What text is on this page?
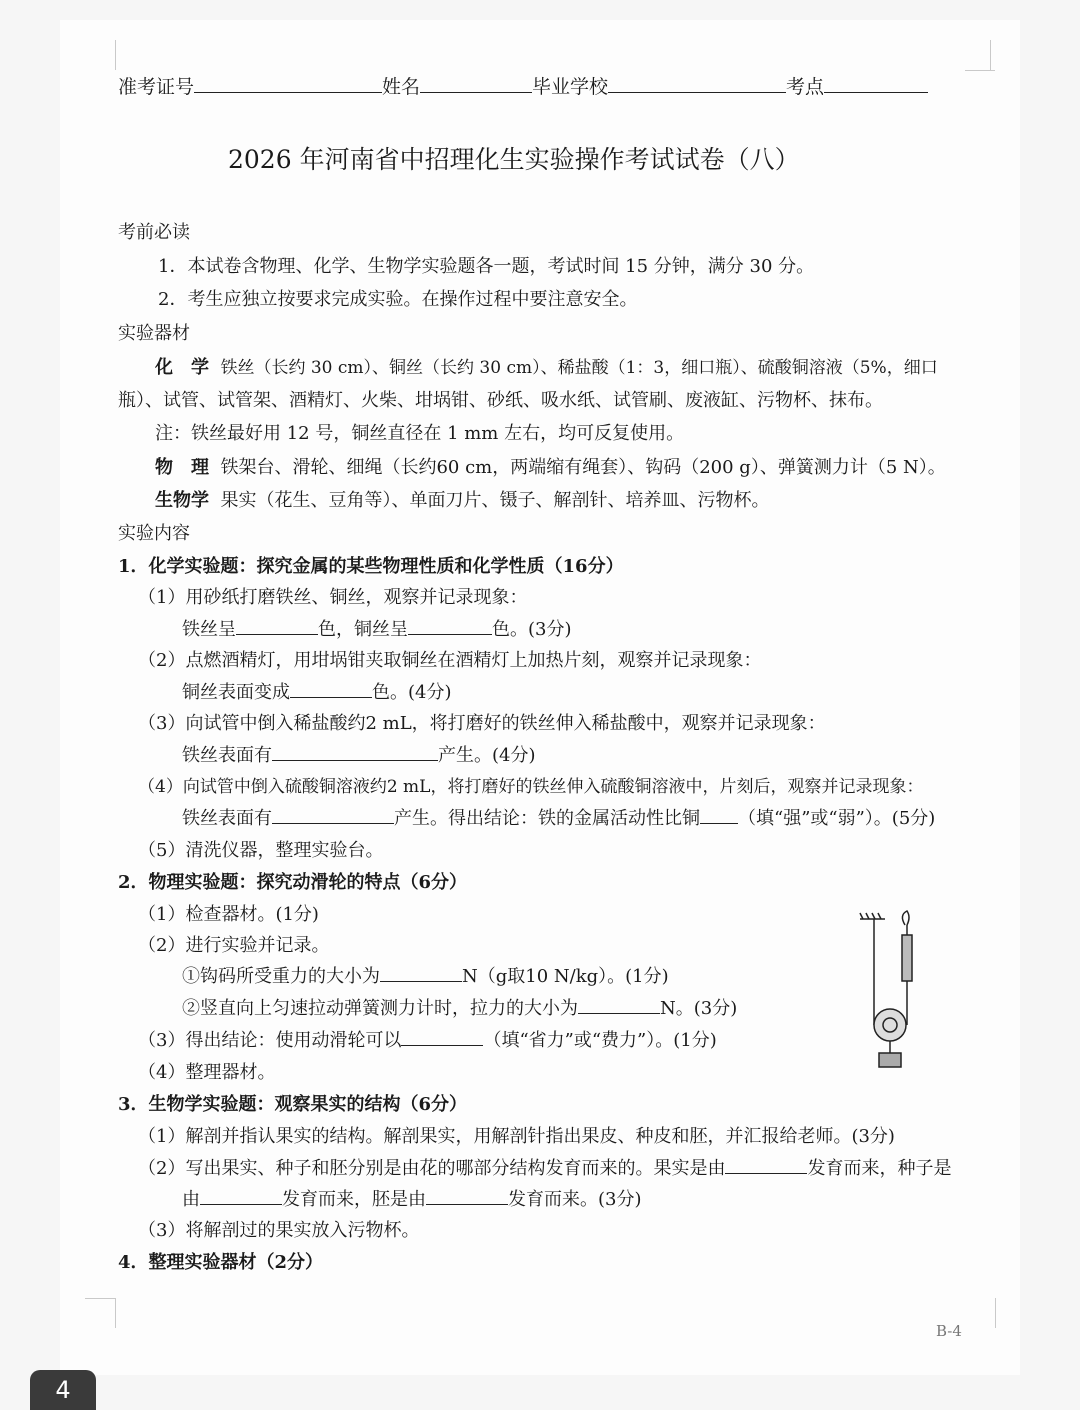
准考证号	姓名	毕业学校	考点
2026 年河南省中招理化生实验操作考试试卷（八）
考前必读
1．本试卷含物理、化学、生物学实验题各一题，考试时间 15 分钟，满分 30 分。
2．考生应独立按要求完成实验。在操作过程中要注意安全。
实验器材
化　学 铁丝（长约 30 cm）、铜丝（长约 30 cm）、稀盐酸（1：3，细口瓶）、硫酸铜溶液（5%，细口
瓶）、试管、试管架、酒精灯、火柴、坩埚钳、砂纸、吸水纸、试管刷、废液缸、污物杯、抹布。
注：铁丝最好用 12 号，铜丝直径在 1 mm 左右，均可反复使用。
物　理 铁架台、滑轮、细绳（长约60 cm，两端缩有绳套）、钩码（200 g）、弹簧测力计（5 N）。
生物学 果实（花生、豆角等）、单面刀片、镊子、解剖针、培养皿、污物杯。
实验内容
1．化学实验题：探究金属的某些物理性质和化学性质（16分）
（1）用砂纸打磨铁丝、铜丝，观察并记录现象：
铁丝呈	色，铜丝呈	色。(3分)
（2）点燃酒精灯，用坩埚钳夹取铜丝在酒精灯上加热片刻，观察并记录现象：
铜丝表面变成	色。(4分)
（3）向试管中倒入稀盐酸约2 mL，将打磨好的铁丝伸入稀盐酸中，观察并记录现象：
铁丝表面有	产生。(4分)
（4）向试管中倒入硫酸铜溶液约2 mL，将打磨好的铁丝伸入硫酸铜溶液中，片刻后，观察并记录现象：
铁丝表面有	产生。得出结论：铁的金属活动性比铜 （填“强”或“弱”）。(5分)
（5）清洗仪器，整理实验台。
2．物理实验题：探究动滑轮的特点（6分）
（1）检查器材。(1分)
（2）进行实验并记录。
①钩码所受重力的大小为	N（g取10 N/kg）。(1分)
②竖直向上匀速拉动弹簧测力计时，拉力的大小为	N。(3分)
（3）得出结论：使用动滑轮可以	（填“省力”或“费力”）。(1分)
（4）整理器材。
3．生物学实验题：观察果实的结构（6分）
（1）解剖并指认果实的结构。解剖果实，用解剖针指出果皮、种皮和胚，并汇报给老师。(3分)
（2）写出果实、种子和胚分别是由花的哪部分结构发育而来的。果实是由	发育而来，种子是
由	发育而来，胚是由	发育而来。(3分)
（3）将解剖过的果实放入污物杯。
4．整理实验器材（2分）
B-4
4
